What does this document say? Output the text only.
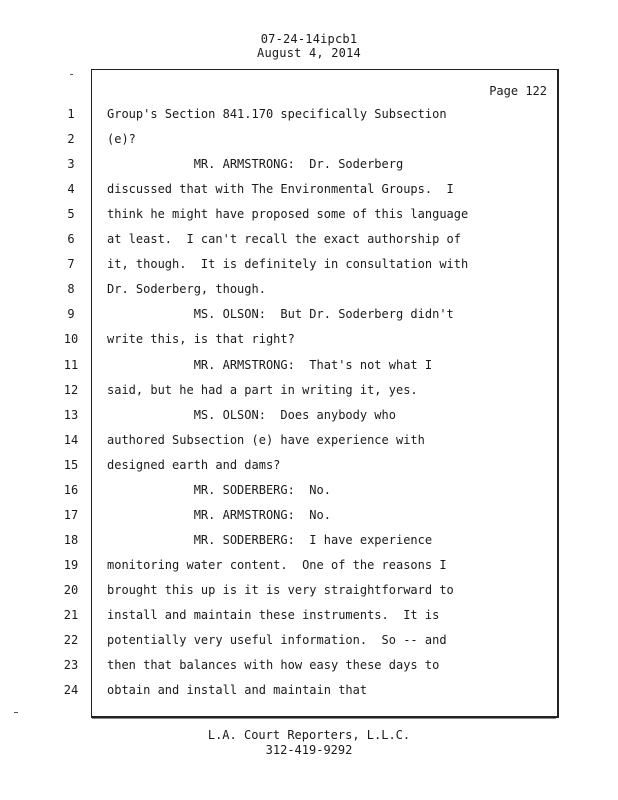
07-24-14ipcb1
August 4, 2014
Page 122
1	Group's Section 841.170 specifically Subsection
2	(e)?
3	MR. ARMSTRONG:  Dr. Soderberg
4	discussed that with The Environmental Groups.  I
5	think he might have proposed some of this language
6	at least.  I can't recall the exact authorship of
7	it, though.  It is definitely in consultation with
8	Dr. Soderberg, though.
9	MS. OLSON:  But Dr. Soderberg didn't
10	write this, is that right?
11	MR. ARMSTRONG:  That's not what I
12	said, but he had a part in writing it, yes.
13	MS. OLSON:  Does anybody who
14	authored Subsection (e) have experience with
15	designed earth and dams?
16	MR. SODERBERG:  No.
17	MR. ARMSTRONG:  No.
18	MR. SODERBERG:  I have experience
19	monitoring water content.  One of the reasons I
20	brought this up is it is very straightforward to
21	install and maintain these instruments.  It is
22	potentially very useful information.  So -- and
23	then that balances with how easy these days to
24	obtain and install and maintain that
L.A. Court Reporters, L.L.C.
312-419-9292
